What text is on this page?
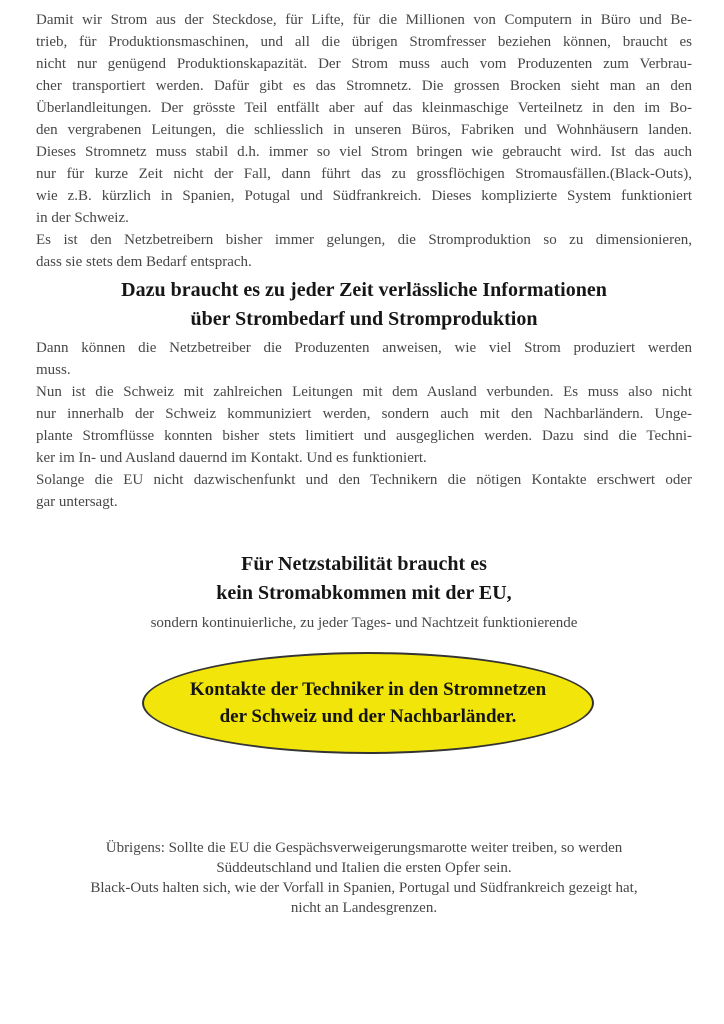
Damit wir Strom aus der Steckdose, für Lifte, für die Millionen von Computern in Büro und Be-
trieb, für Produktionsmaschinen, und all die übrigen Stromfresser beziehen können, braucht es
nicht nur genügend Produktionskapazität. Der Strom muss auch vom Produzenten zum Verbrau-
cher transportiert werden. Dafür gibt es das Stromnetz. Die grossen Brocken sieht man an den
Überlandleitungen. Der grösste Teil entfällt aber auf das kleinmaschige Verteilnetz in den im Bo-
den vergrabenen Leitungen, die schliesslich in unseren Büros, Fabriken und Wohnhäusern landen.
Dieses Stromnetz muss stabil d.h. immer so viel Strom bringen wie gebraucht wird. Ist das auch
nur für kurze Zeit nicht der Fall, dann führt das zu grossflöchigen Stromausfällen.(Black-Outs),
wie z.B. kürzlich in Spanien, Potugal und Südfrankreich. Dieses komplizierte System funktioniert
in der Schweiz.
Es ist den Netzbetreibern bisher immer gelungen, die Stromproduktion so zu dimensionieren,
dass sie stets dem Bedarf entsprach.
Dazu braucht es zu jeder Zeit verlässliche Informationen
über Strombedarf und Stromproduktion
Dann können die Netzbetreiber die Produzenten anweisen, wie viel Strom produziert werden
muss.
Nun ist die Schweiz mit zahlreichen Leitungen mit dem Ausland verbunden. Es muss also nicht
nur innerhalb der Schweiz kommuniziert werden, sondern auch mit den Nachbarländern. Unge-
plante Stromflüsse konnten bisher stets limitiert und ausgeglichen werden. Dazu sind die Techni-
ker im In- und Ausland dauernd im Kontakt. Und es funktioniert.
Solange die EU nicht dazwischenfunkt und den Technikern die nötigen Kontakte erschwert oder
gar untersagt.
Für Netzstabilität braucht es
kein Stromabkommen mit der EU,
sondern kontinuierliche, zu jeder Tages- und Nachtzeit funktionierende
Kontakte der Techniker in den Stromnetzen
der Schweiz und der Nachbarländer.
Übrigens: Sollte die EU die Gespächsverweigerungsmarotte weiter treiben, so werden
Süddeutschland und Italien die ersten Opfer sein.
Black-Outs halten sich, wie der Vorfall in Spanien, Portugal und Südfrankreich gezeigt hat,
nicht an Landesgrenzen.
